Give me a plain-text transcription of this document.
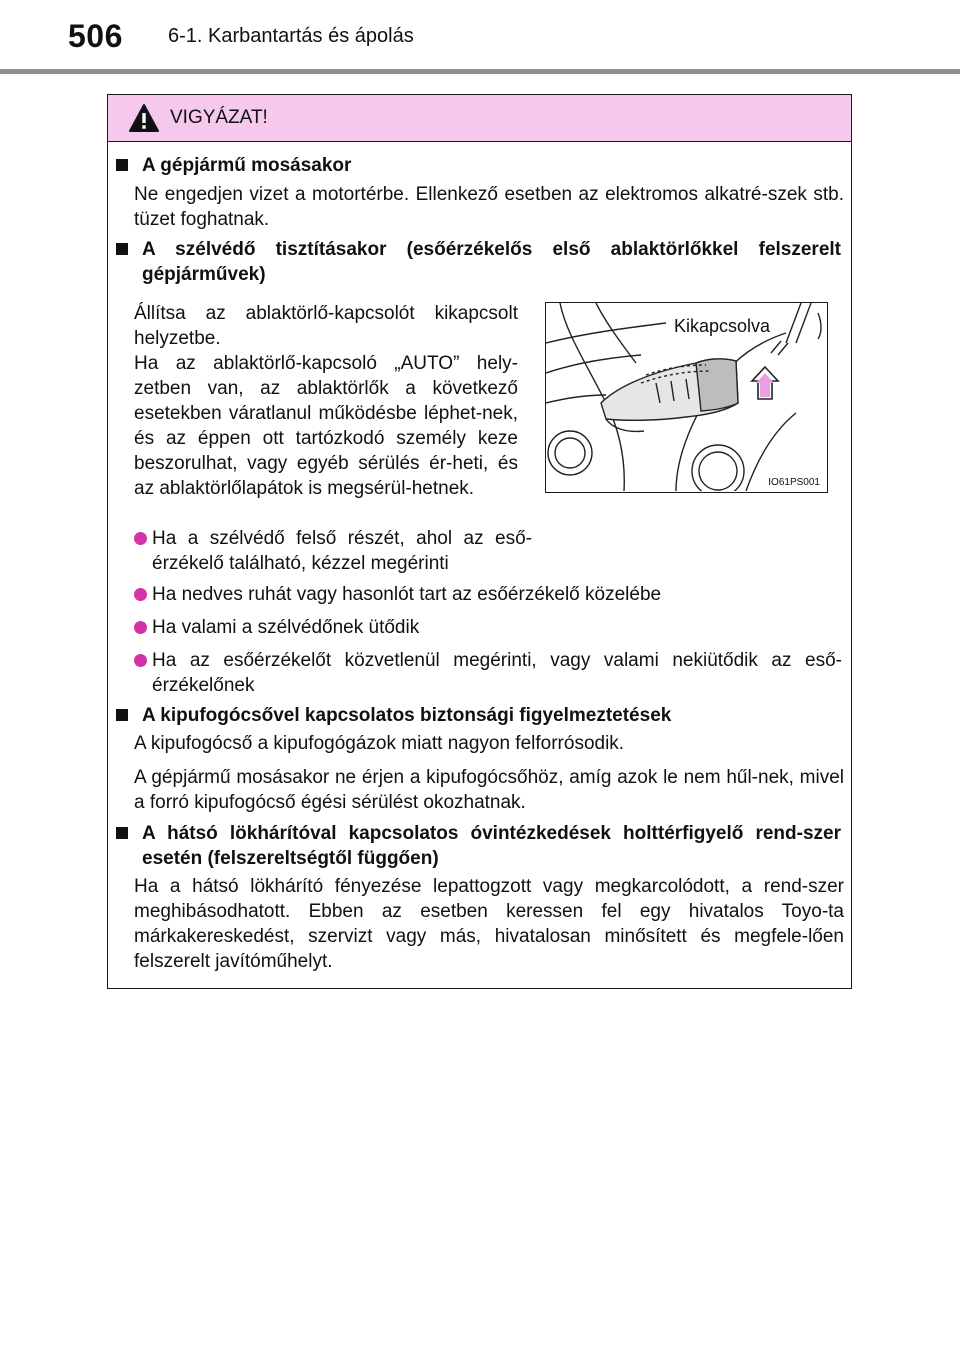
506 6-1. Karbantartás és ápolás
VIGYÁZAT!
A gépjármű mosásakor
Ne engedjen vizet a motortérbe. Ellenkező esetben az elektromos alkatré-szek stb. tüzet foghatnak.
A szélvédő tisztításakor (esőérzékelős első ablaktörlőkkel felszerelt gépjárművek)
Állítsa az ablaktörlő-kapcsolót kikapcsolt helyzetbe.
Ha az ablaktörlő-kapcsoló „AUTO” hely-zetben van, az ablaktörlők a következő esetekben váratlanul működésbe léphet-nek, és az éppen ott tartózkodó személy keze beszorulhat, vagy egyéb sérülés ér-heti, és az ablaktörlőlapátok is megsérül-hetnek.
Kikapcsolva
IO61PS001
Ha a szélvédő felső részét, ahol az eső-érzékelő található, kézzel megérinti
Ha nedves ruhát vagy hasonlót tart az esőérzékelő közelébe
Ha valami a szélvédőnek ütődik
Ha az esőérzékelőt közvetlenül megérinti, vagy valami nekiütődik az eső-érzékelőnek
A kipufogócsővel kapcsolatos biztonsági figyelmeztetések
A kipufogócső a kipufogógázok miatt nagyon felforrósodik.
A gépjármű mosásakor ne érjen a kipufogócsőhöz, amíg azok le nem hűl-nek, mivel a forró kipufogócső égési sérülést okozhatnak.
A hátsó lökhárítóval kapcsolatos óvintézkedések holttérfigyelő rend-szer esetén (felszereltségtől függően)
Ha a hátsó lökhárító fényezése lepattogzott vagy megkarcolódott, a rend-szer meghibásodhatott. Ebben az esetben keressen fel egy hivatalos Toyo-ta márkakereskedést, szervizt vagy más, hivatalosan minősített és megfele-lően felszerelt javítóműhelyt.
